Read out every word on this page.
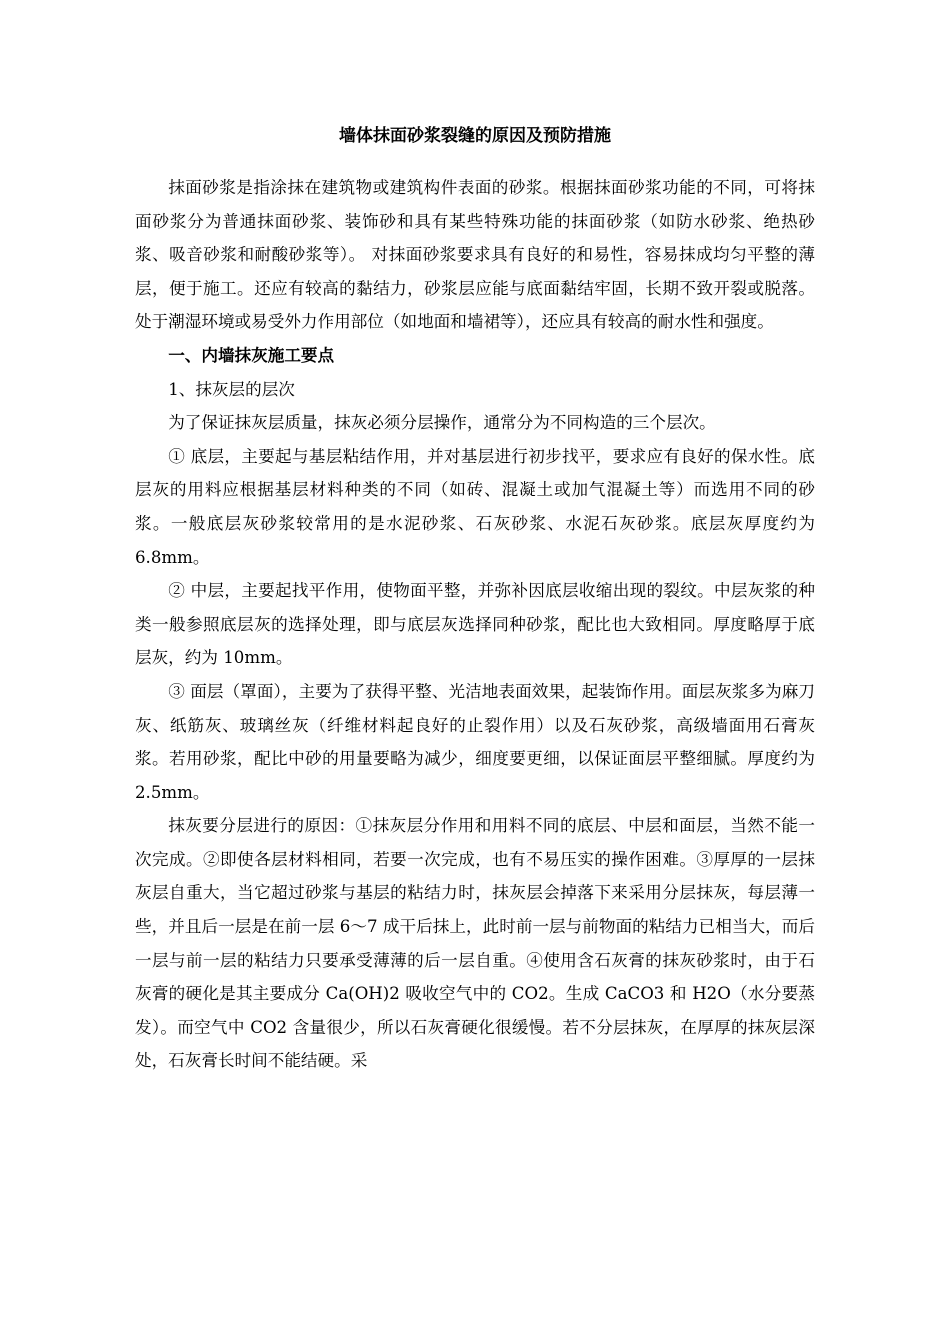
墙体抹面砂浆裂缝的原因及预防措施

抹面砂浆是指涂抹在建筑物或建筑构件表面的砂浆。根据抹面砂浆功能的不同，可将抹面砂浆分为普通抹面砂浆、装饰砂和具有某些特殊功能的抹面砂浆（如防水砂浆、绝热砂浆、吸音砂浆和耐酸砂浆等）。 对抹面砂浆要求具有良好的和易性，容易抹成均匀平整的薄层，便于施工。还应有较高的黏结力，砂浆层应能与底面黏结牢固，长期不致开裂或脱落。处于潮湿环境或易受外力作用部位（如地面和墙裙等），还应具有较高的耐水性和强度。

一、内墙抹灰施工要点

1、抹灰层的层次

为了保证抹灰层质量，抹灰必须分层操作，通常分为不同构造的三个层次。

① 底层，主要起与基层粘结作用，并对基层进行初步找平，要求应有良好的保水性。底层灰的用料应根据基层材料种类的不同（如砖、混凝土或加气混凝土等）而选用不同的砂浆。一般底层灰砂浆较常用的是水泥砂浆、石灰砂浆、水泥石灰砂浆。底层灰厚度约为 6.8mm。

② 中层，主要起找平作用，使物面平整，并弥补因底层收缩出现的裂纹。中层灰浆的种类一般参照底层灰的选择处理，即与底层灰选择同种砂浆，配比也大致相同。厚度略厚于底层灰，约为 10mm。

③ 面层（罩面），主要为了获得平整、光洁地表面效果，起装饰作用。面层灰浆多为麻刀灰、纸筋灰、玻璃丝灰（纤维材料起良好的止裂作用）以及石灰砂浆，高级墙面用石膏灰浆。若用砂浆，配比中砂的用量要略为减少，细度要更细，以保证面层平整细腻。厚度约为 2.5mm。

抹灰要分层进行的原因：①抹灰层分作用和用料不同的底层、中层和面层，当然不能一次完成。②即使各层材料相同，若要一次完成，也有不易压实的操作困难。③厚厚的一层抹灰层自重大，当它超过砂浆与基层的粘结力时，抹灰层会掉落下来采用分层抹灰，每层薄一些，并且后一层是在前一层 6～7 成干后抹上，此时前一层与前物面的粘结力已相当大，而后一层与前一层的粘结力只要承受薄薄的后一层自重。④使用含石灰膏的抹灰砂浆时，由于石灰膏的硬化是其主要成分 Ca(OH)2 吸收空气中的 CO2。生成 CaCO3 和 H2O（水分要蒸发）。而空气中 CO2 含量很少，所以石灰膏硬化很缓慢。若不分层抹灰，在厚厚的抹灰层深处，石灰膏长时间不能结硬。采
